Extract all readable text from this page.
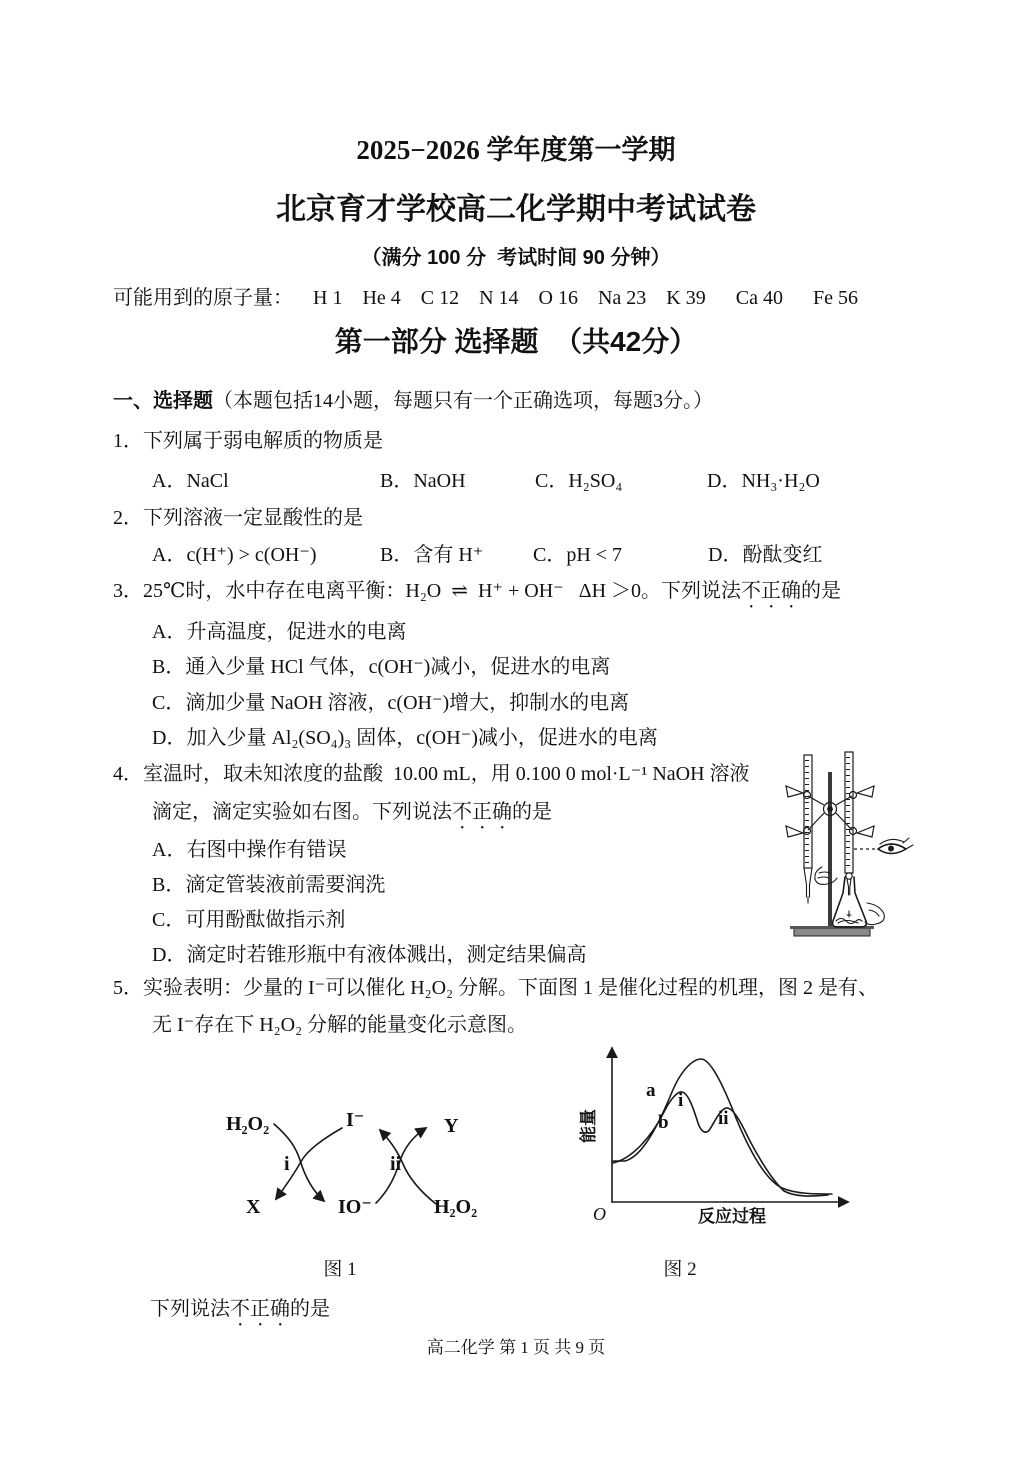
2025−2026 学年度第一学期
北京育才学校高二化学期中考试试卷
（满分 100 分  考试时间 90 分钟）
可能用到的原子量：    H 1    He 4    C 12    N 14    O 16    Na 23    K 39      Ca 40      Fe 56
第一部分 选择题  （共42分）
一、选择题（本题包括14小题，每题只有一个正确选项，每题3分。）
1．下列属于弱电解质的物质是
A．NaCl	B．NaOH	C．H₂SO₄	D．NH₃·H₂O
2．下列溶液一定显酸性的是
A．c(H⁺) > c(OH⁻)	B．含有 H⁺ C．pH < 7	D．酚酞变红
3．25℃时，水中存在电离平衡：H₂O  ⇌  H⁺ + OH⁻   ΔH ＞0。下列说法不正确的是
A．升高温度，促进水的电离
B．通入少量 HCl 气体，c(OH⁻)减小，促进水的电离
C．滴加少量 NaOH 溶液，c(OH⁻)增大，抑制水的电离
D．加入少量 Al₂(SO₄)₃ 固体，c(OH⁻)减小，促进水的电离
4．室温时，取未知浓度的盐酸  10.00 mL，用 0.100 0 mol·L⁻¹ NaOH 溶液
滴定，滴定实验如右图。下列说法不正确的是
A．右图中操作有错误
B．滴定管装液前需要润洗
C．可用酚酞做指示剂
D．滴定时若锥形瓶中有液体溅出，测定结果偏高
5．实验表明：少量的 I⁻可以催化 H₂O₂ 分解。下面图 1 是催化过程的机理，图 2 是有、
无 I⁻存在下 H₂O₂ 分解的能量变化示意图。
H₂O₂	I⁻	Y
X	IO⁻	H₂O₂
i	ii
能量
O	反应过程
a
b
i
ii
图 1	图 2
下列说法不正确的是
高二化学 第 1 页 共 9 页
